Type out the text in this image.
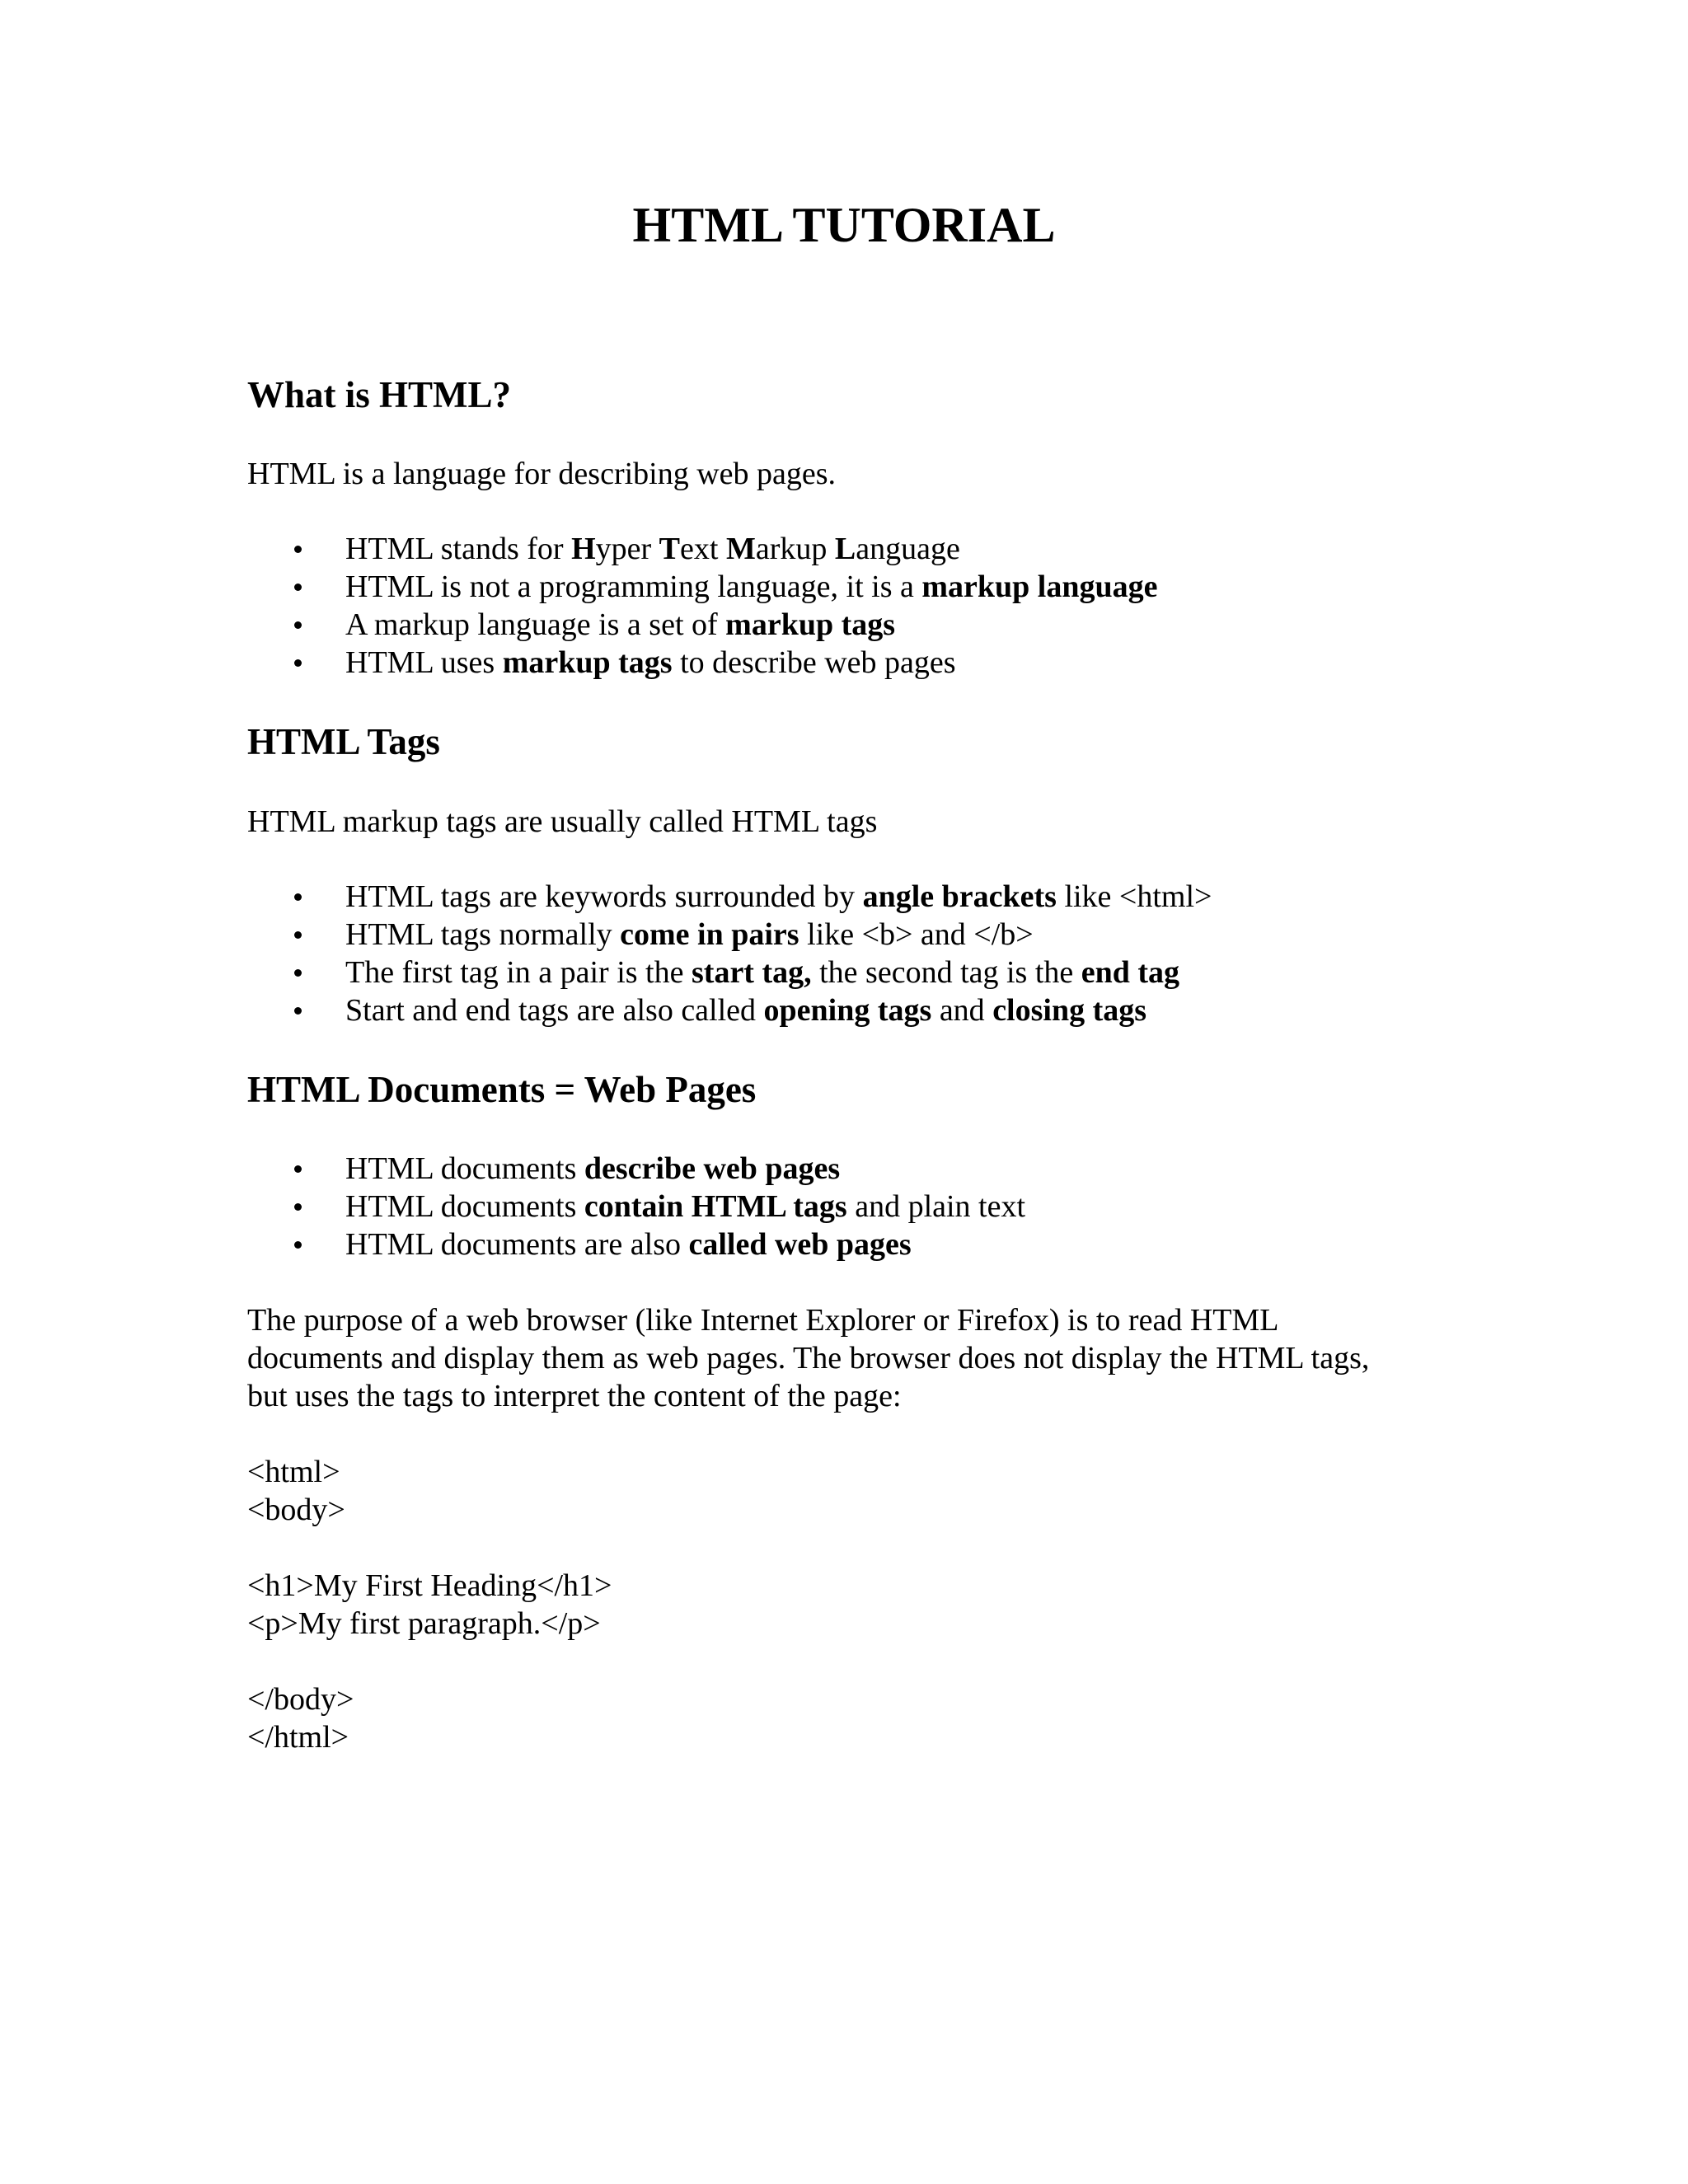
HTML TUTORIAL
What is HTML?

HTML is a language for describing web pages.

HTML stands for Hyper Text Markup Language
HTML is not a programming language, it is a markup language
A markup language is a set of markup tags
HTML uses markup tags to describe web pages
HTML Tags

HTML markup tags are usually called HTML tags

HTML tags are keywords surrounded by angle brackets like <html>
HTML tags normally come in pairs like <b> and </b>
The first tag in a pair is the start tag, the second tag is the end tag
Start and end tags are also called opening tags and closing tags
HTML Documents = Web Pages
HTML documents describe web pages
HTML documents contain HTML tags and plain text
HTML documents are also called web pages

The purpose of a web browser (like Internet Explorer or Firefox) is to read HTML

documents and display them as web pages. The browser does not display the HTML tags,

but uses the tags to interpret the content of the page:

<html>

<body>

<h1>My First Heading</h1>

<p>My first paragraph.</p>

</body>

</html>
